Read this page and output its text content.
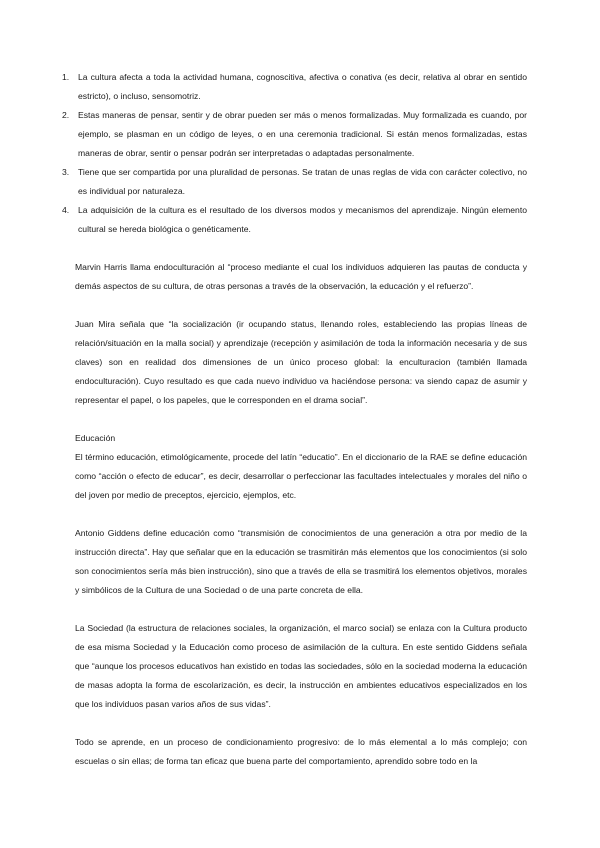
1. La cultura afecta a toda la actividad humana, cognoscitiva, afectiva o conativa (es decir, relativa al obrar en sentido estricto), o incluso, sensomotriz.
2. Estas maneras de pensar, sentir y de obrar pueden ser más o menos formalizadas. Muy formalizada es cuando, por ejemplo, se plasman en un código de leyes, o en una ceremonia tradicional. Si están menos formalizadas, estas maneras de obrar, sentir o pensar podrán ser interpretadas o adaptadas personalmente.
3. Tiene que ser compartida por una pluralidad de personas. Se tratan de unas reglas de vida con carácter colectivo, no es individual por naturaleza.
4. La adquisición de la cultura es el resultado de los diversos modos y mecanismos del aprendizaje. Ningún elemento cultural se hereda biológica o genéticamente.

Marvin Harris llama endoculturación al “proceso mediante el cual los individuos adquieren las pautas de conducta y demás aspectos de su cultura, de otras personas a través de la observación, la educación y el refuerzo”.

Juan Mira señala que “la socialización (ir ocupando status, llenando roles, estableciendo las propias líneas de relación/situación en la malla social) y aprendizaje (recepción y asimilación de toda la información necesaria y de sus claves) son en realidad dos dimensiones de un único proceso global: la enculturacion (también llamada endoculturación). Cuyo resultado es que cada nuevo individuo va haciéndose persona: va siendo capaz de asumir y representar el papel, o los papeles, que le corresponden en el drama social”.

Educación

El término educación, etimológicamente, procede del latín “educatio”. En el diccionario de la RAE se define educación como “acción o efecto de educar”, es decir, desarrollar o perfeccionar las facultades intelectuales y morales del niño o del joven por medio de preceptos, ejercicio, ejemplos, etc.

Antonio Giddens define educación como “transmisión de conocimientos de una generación a otra por medio de la instrucción directa”. Hay que señalar que en la educación se trasmitirán más elementos que los conocimientos (si solo son conocimientos sería más bien instrucción), sino que a través de ella se trasmitirá los elementos objetivos, morales y simbólicos de la Cultura de una Sociedad o de una parte concreta de ella.

La Sociedad (la estructura de relaciones sociales, la organización, el marco social) se enlaza con la Cultura producto de esa misma Sociedad y la Educación como proceso de asimilación de la cultura. En este sentido Giddens señala que “aunque los procesos educativos han existido en todas las sociedades, sólo en la sociedad moderna la educación de masas adopta la forma de escolarización, es decir, la instrucción en ambientes educativos especializados en los que los individuos pasan varios años de sus vidas”.

Todo se aprende, en un proceso de condicionamiento progresivo: de lo más elemental a lo más complejo; con escuelas o sin ellas; de forma tan eficaz que buena parte del comportamiento, aprendido sobre todo en la
